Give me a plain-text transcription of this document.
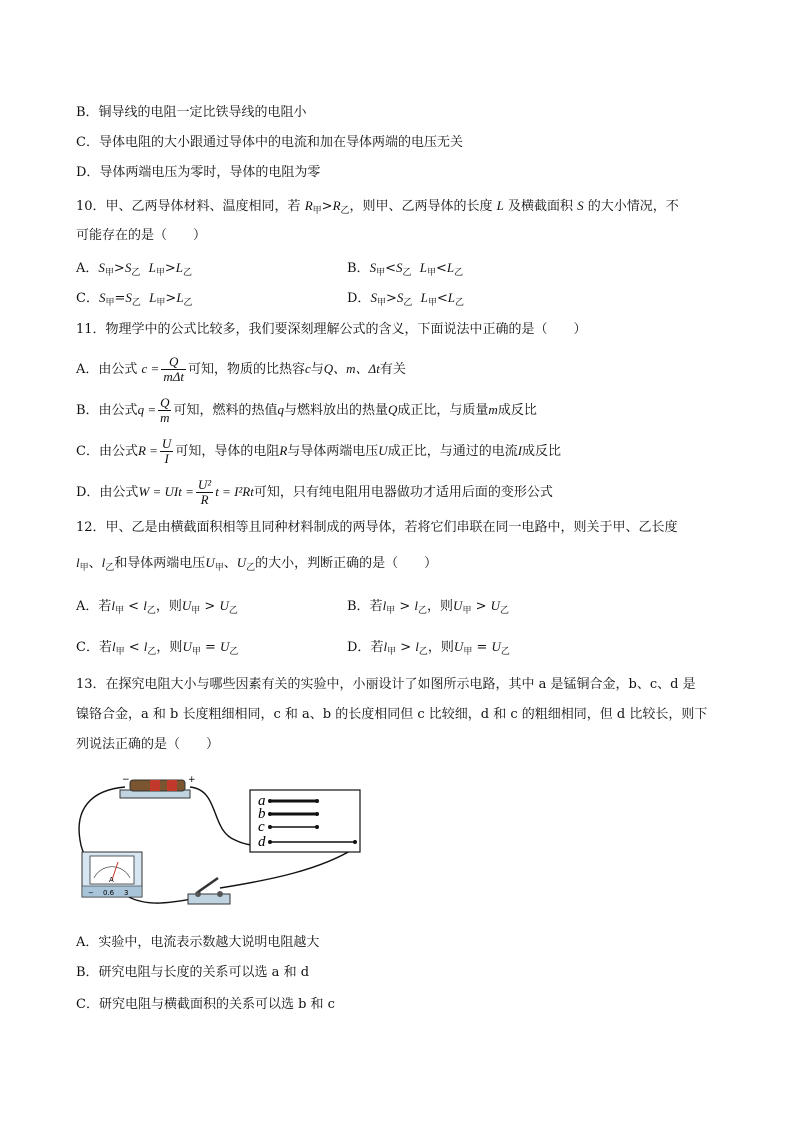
B．铜导线的电阻一定比铁导线的电阻小
C．导体电阻的大小跟通过导体中的电流和加在导体两端的电压无关
D．导体两端电压为零时，导体的电阻为零
10．甲、乙两导体材料、温度相同，若 $R_甲>R_乙$，则甲、乙两导体的长度 L 及横截面积 S 的大小情况，不
可能存在的是（　　）
A．$S_甲>S_乙$ $L_甲>L_乙$	B．$S_甲<S_乙$ $L_甲<L_乙$
C．$S_甲=S_乙$ $L_甲>L_乙$	D．$S_甲>S_乙$ $L_甲<L_乙$
11．物理学中的公式比较多，我们要深刻理解公式的含义，下面说法中正确的是（　　）
A．由公式 $c = \frac{Q}{\text{mΔt}}$ 可知，物质的比热容c与Q、m、Δt有关
B．由公式$q = \frac{Q}{m}$ 可知，燃料的热值q与燃料放出的热量Q成正比，与质量m成反比
C．由公式$R = \frac{U}{I}$ 可知，导体的电阻R与导体两端电压U成正比，与通过的电流I成反比
D．由公式W = UIt = $\frac{\text{U²}}{R}$ t = I²Rt可知，只有纯电阻用电器做功才适用后面的变形公式
12．甲、乙是由横截面积相等且同种材料制成的两导体，若将它们串联在同一电路中，则关于甲、乙长度
$l_甲$、$l_乙$和导体两端电压$U_甲$、$U_乙$的大小，判断正确的是（　　）
A．若$l_甲 < l_乙$，则$U_甲 > U_乙$	B．若$l_甲 > l_乙$，则$U_甲 > U_乙$
C．若$l_甲 < l_乙$，则$U_甲 = U_乙$	D．若$l_甲 > l_乙$，则$U_甲 = U_乙$
13．在探究电阻大小与哪些因素有关的实验中，小丽设计了如图所示电路，其中 a 是锰铜合金，b、c、d 是
镍铬合金，a 和 b 长度粗细相同，c 和 a、b 的长度相同但 c 比较细，d 和 c 的粗细相同，但 d 比较长，则下
列说法正确的是（　　）
−	+
a
b
c
d
A
− 0.6 3
A．实验中，电流表示数越大说明电阻越大
B．研究电阻与长度的关系可以选 a 和 d
C．研究电阻与横截面积的关系可以选 b 和 c
